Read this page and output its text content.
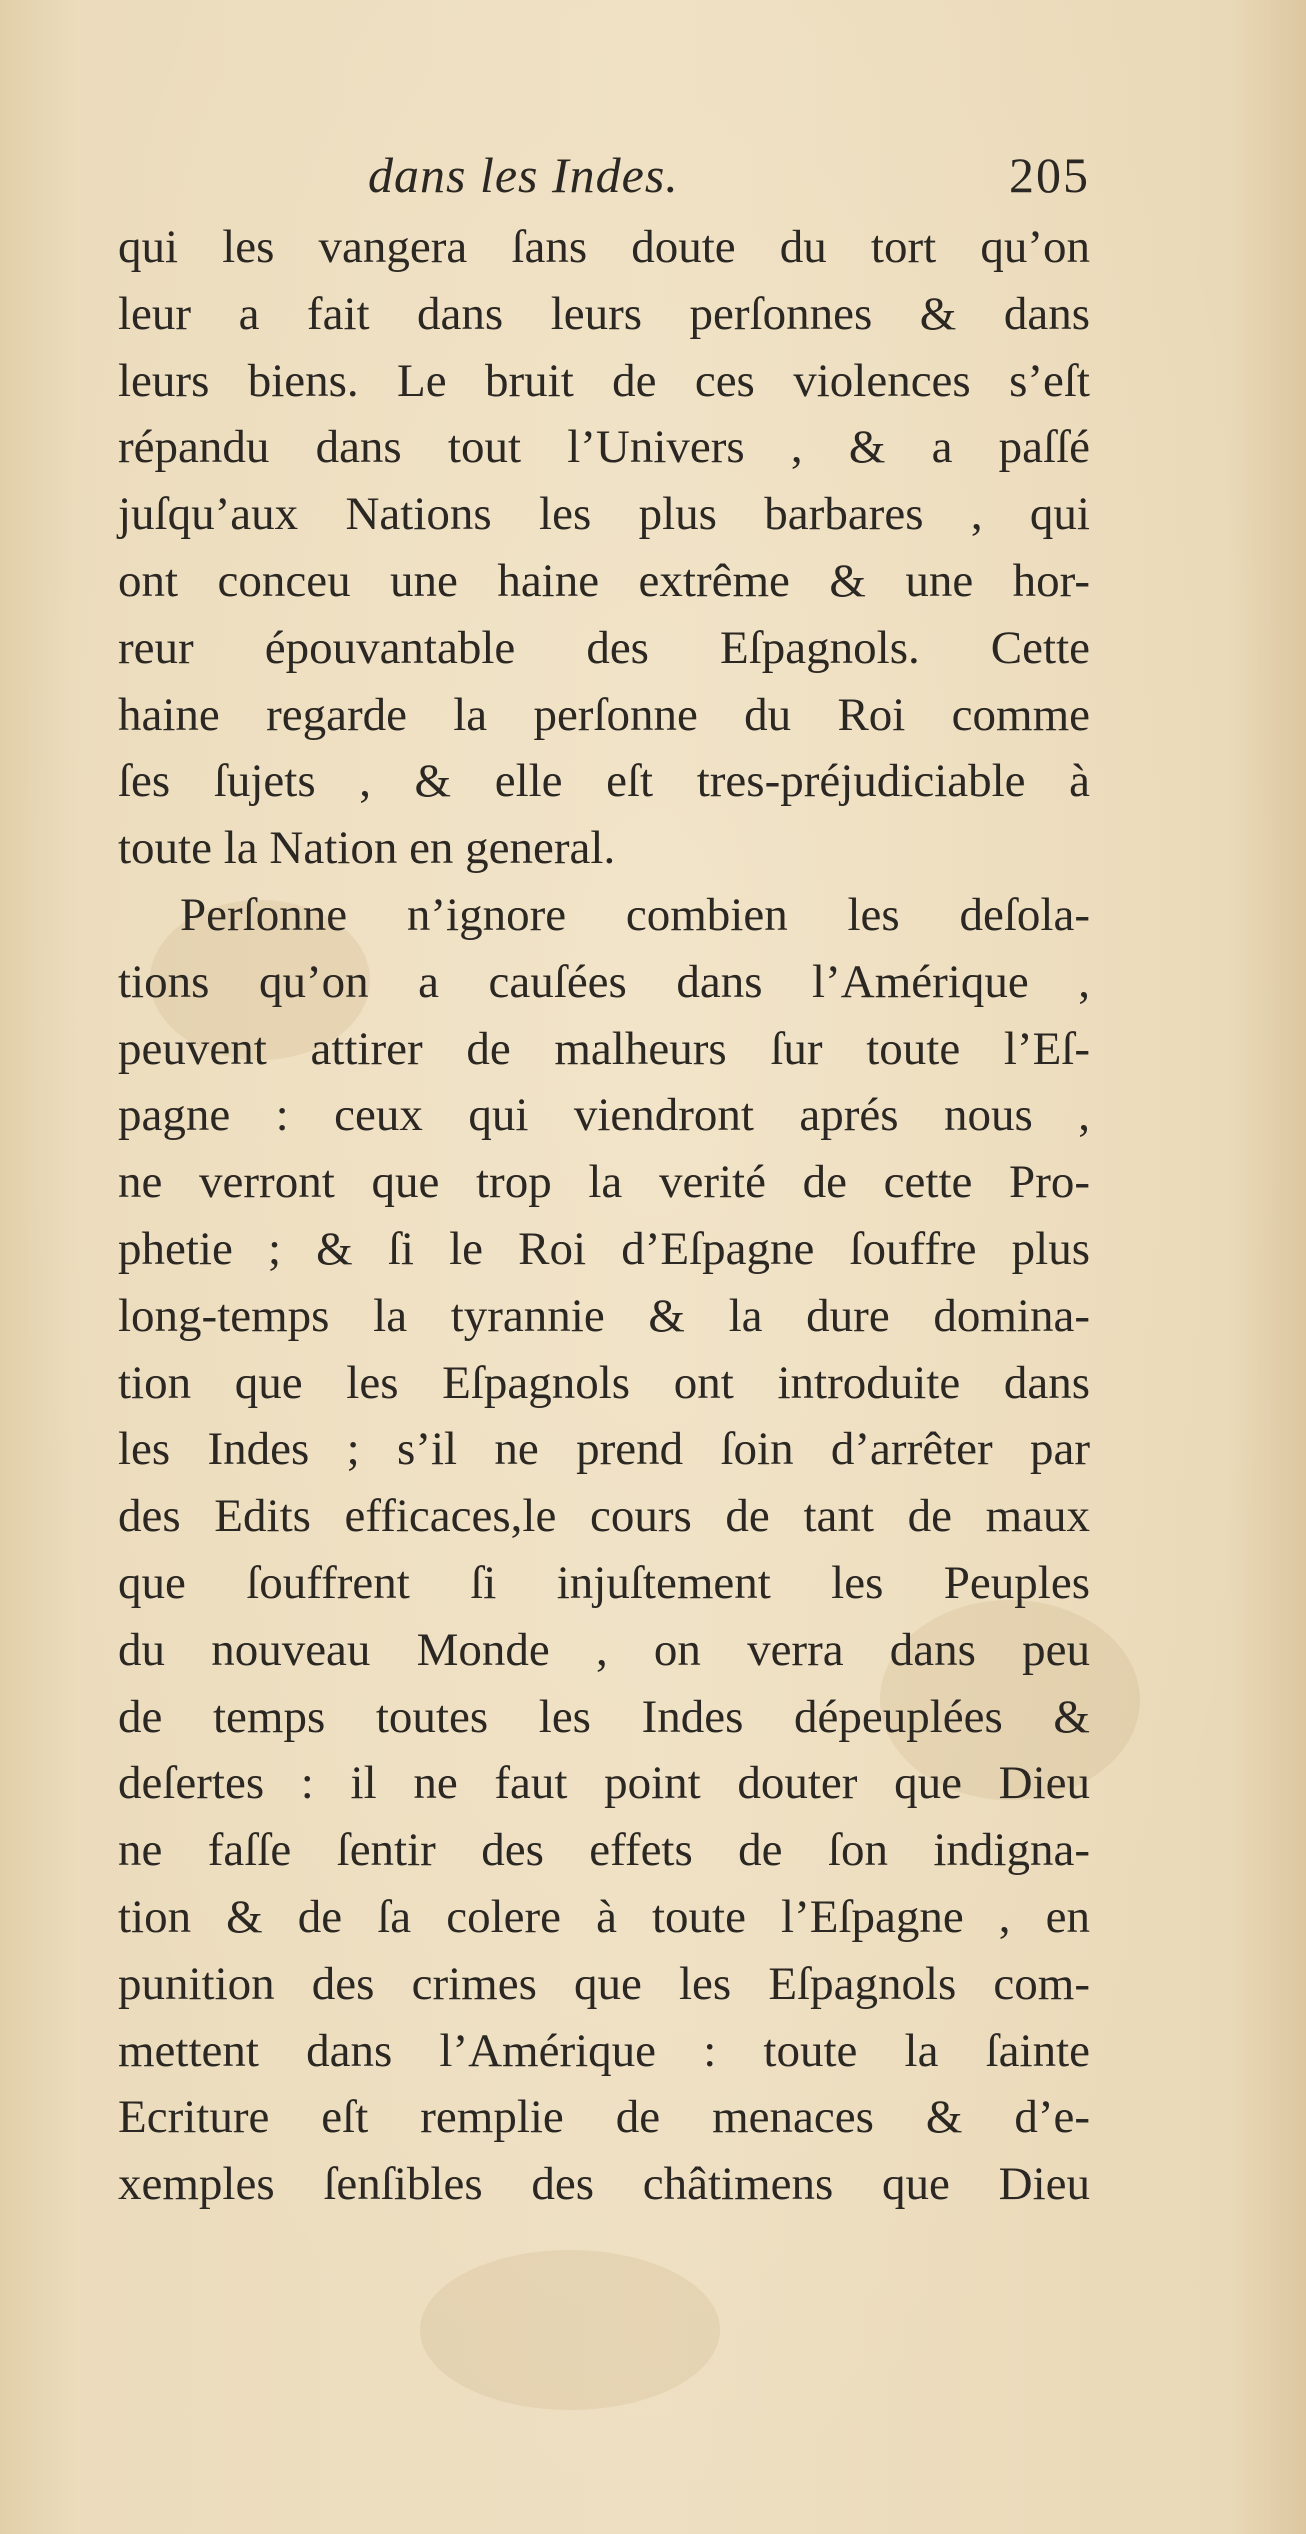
dans les Indes.	205
qui les vangera ſans doute du tort qu’on
leur a fait dans leurs perſonnes & dans
leurs biens. Le bruit de ces violences s’eſt
répandu dans tout l’Univers , & a paſſé
juſqu’aux Nations les plus barbares , qui
ont conceu une haine extrême & une hor-
reur épouvantable des Eſpagnols. Cette
haine regarde la perſonne du Roi comme
ſes ſujets , & elle eſt tres-préjudiciable à
toute la Nation en general.
Perſonne n’ignore combien les deſola-
tions qu’on a cauſées dans l’Amérique ,
peuvent attirer de malheurs ſur toute l’Eſ-
pagne : ceux qui viendront aprés nous ,
ne verront que trop la verité de cette Pro-
phetie ; & ſi le Roi d’Eſpagne ſouffre plus
long-temps la tyrannie & la dure domina-
tion que les Eſpagnols ont introduite dans
les Indes ; s’il ne prend ſoin d’arrêter par
des Edits efficaces,le cours de tant de maux
que ſouffrent ſi injuſtement les Peuples
du nouveau Monde , on verra dans peu
de temps toutes les Indes dépeuplées &
deſertes : il ne faut point douter que Dieu
ne faſſe ſentir des effets de ſon indigna-
tion & de ſa colere à toute l’Eſpagne , en
punition des crimes que les Eſpagnols com-
mettent dans l’Amérique : toute la ſainte
Ecriture eſt remplie de menaces & d’e-
xemples ſenſibles des châtimens que Dieu
